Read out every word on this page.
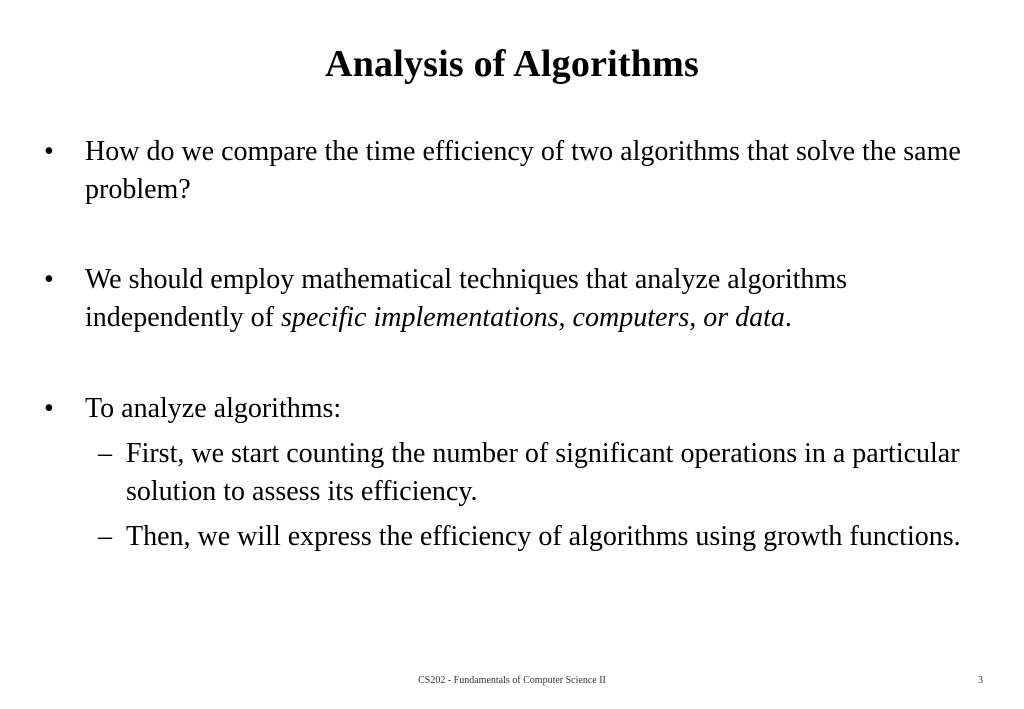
Analysis of Algorithms
•	How do we compare the time efficiency of two algorithms that solve the same problem?
•	We should employ mathematical techniques that analyze algorithms independently of specific implementations, computers, or data.
•	To analyze algorithms:
– First, we start counting the number of significant operations in a particular solution to assess its efficiency.
– Then, we will express the efficiency of algorithms using growth functions.
CS202 - Fundamentals of Computer Science II	3
